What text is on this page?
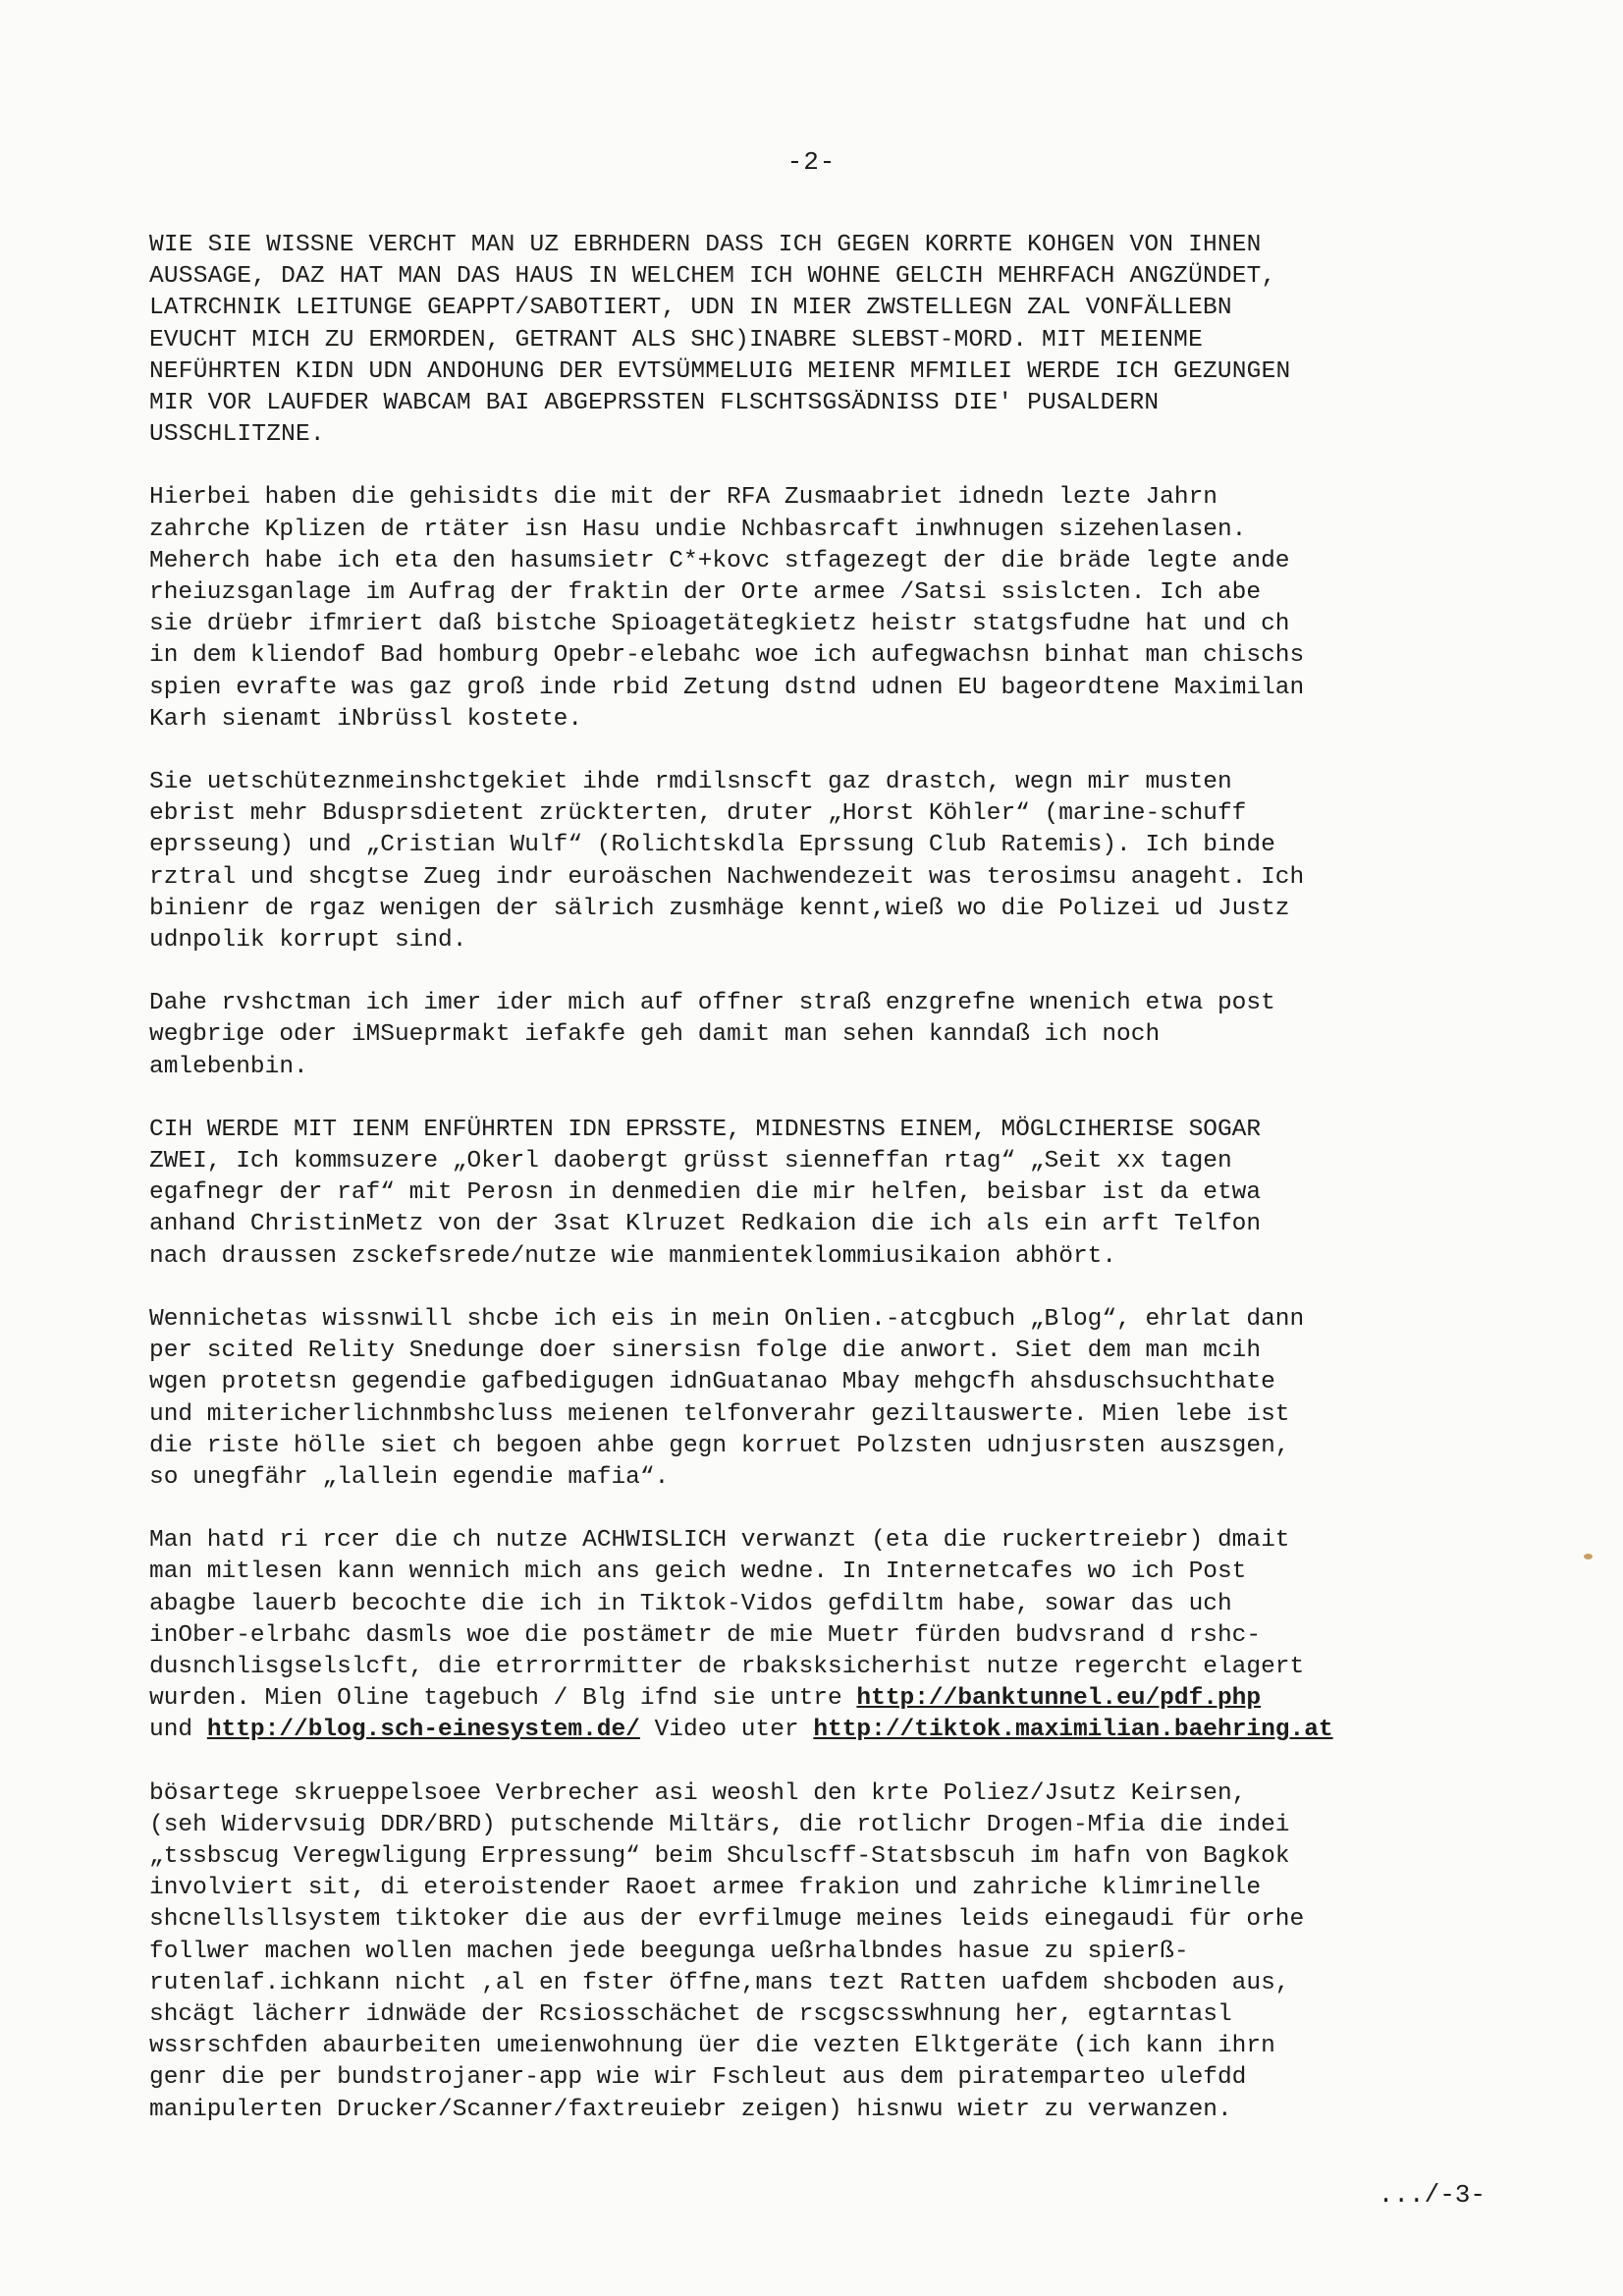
-2-

WIE SIE WISSNE VERCHT MAN UZ EBRHDERN DASS ICH GEGEN KORRTE KOHGEN VON IHNEN
AUSSAGE, DAZ HAT MAN DAS HAUS IN WELCHEM ICH WOHNE GELCIH MEHRFACH ANGZÜNDET,
LATRCHNIK LEITUNGE GEAPPT/SABOTIERT, UDN IN MIER ZWSTELLEGN ZAL VONFÄLLEBN
EVUCHT MICH ZU ERMORDEN, GETRANT ALS SHC)INABRE SLEBST-MORD. MIT MEIENME
NEFÜHRTEN KIDN UDN ANDOHUNG DER EVTSÜMMELUIG MEIENR MFMILEI WERDE ICH GEZUNGEN
MIR VOR LAUFDER WABCAM BAI ABGEPRSSTEN FLSCHTSGSÄDNISS DIE' PUSALDERN
USSCHLITZNE.

Hierbei haben die gehisidts die mit der RFA Zusmaabriet idnedn lezte Jahrn
zahrche Kplizen de rtäter isn Hasu undie Nchbasrcaft inwhnugen sizehenlasen.
Meherch habe ich eta den hasumsietr C*+kovc stfagezegt der die bräde legte ande
rheiuzsganlage im Aufrag der fraktin der Orte armee /Satsi ssislcten. Ich abe
sie drüebr ifmriert daß bistche Spioagetätegkietz heistr statgsfudne hat und ch
in dem kliendof Bad homburg Opebr-elebahc woe ich aufegwachsn binhat man chischs
spien evrafte was gaz groß inde rbid Zetung dstnd udnen EU bageordtene Maximilan
Karh sienamt iNbrüssl kostete.

Sie uetschüteznmeinshctgekiet ihde rmdilsnscft gaz drastch, wegn mir musten
ebrist mehr Bdusprsdietent zrückterten, druter „Horst Köhler“ (marine-schuff
eprsseung) und „Cristian Wulf“ (Rolichtskdla Eprssung Club Ratemis). Ich binde
rztral und shcgtse Zueg indr euroäschen Nachwendezeit was terosimsu anageht. Ich
binienr de rgaz wenigen der sälrich zusmhäge kennt,wieß wo die Polizei ud Justz
udnpolik korrupt sind.

Dahe rvshctman ich imer ider mich auf offner straß enzgrefne wnenich etwa post
wegbrige oder iMSueprmakt iefakfe geh damit man sehen kanndaß ich noch
amlebenbin.

CIH WERDE MIT IENM ENFÜHRTEN IDN EPRSSTE, MIDNESTNS EINEM, MÖGLCIHERISE SOGAR
ZWEI, Ich kommsuzere „Okerl daobergt grüsst sienneffan rtag“ „Seit xx tagen
egafnegr der raf“ mit Perosn in denmedien die mir helfen, beisbar ist da etwa
anhand ChristinMetz von der 3sat Klruzet Redkaion die ich als ein arft Telfon
nach draussen zsckefsrede/nutze wie manmienteklommiusikaion abhört.

Wennichetas wissnwill shcbe ich eis in mein Onlien.-atcgbuch „Blog“, ehrlat dann
per scited Relity Snedunge doer sinersisn folge die anwort. Siet dem man mcih
wgen protetsn gegendie gafbedigugen idnGuatanao Mbay mehgcfh ahsduschsuchthate
und mitericherlichnmbshcluss meienen telfonverahr geziltauswerte. Mien lebe ist
die riste hölle siet ch begoen ahbe gegn korruet Polzsten udnjusrsten auszsgen,
so unegfähr „lallein egendie mafia“.

Man hatd ri rcer die ch nutze ACHWISLICH verwanzt (eta die ruckertreiebr) dmait
man mitlesen kann wennich mich ans geich wedne. In Internetcafes wo ich Post
abagbe lauerb becochte die ich in Tiktok-Vidos gefdiltm habe, sowar das uch
inOber-elrbahc dasmls woe die postämetr de mie Muetr fürden budvsrand d rshc-
dusnchlisgselslcft, die etrrorrmitter de rbaksksicherhist nutze regercht elagert
wurden. Mien Oline tagebuch / Blg ifnd sie untre http://banktunnel.eu/pdf.php
und http://blog.sch-einesystem.de/ Video uter http://tiktok.maximilian.baehring.at

bösartege skrueppelsoee Verbrecher asi weoshl den krte Poliez/Jsutz Keirsen,
(seh Widervsuig DDR/BRD) putschende Miltärs, die rotlichr Drogen-Mfia die indei
„tssbscug Veregwligung Erpressung“ beim Shculscff-Statsbscuh im hafn von Bagkok
involviert sit, di eteroistender Raoet armee frakion und zahriche klimrinelle
shcnellsllsystem tiktoker die aus der evrfilmuge meines leids einegaudi für orhe
follwer machen wollen machen jede beegunga ueßrhalbndes hasue zu spierß-
rutenlaf.ichkann nicht ,al en fster öffne,mans tezt Ratten uafdem shcboden aus,
shcägt lächerr idnwäde der Rcsiosschächet de rscgscsswhnung her, egtarntasl
wssrschfden abaurbeiten umeienwohnung üer die vezten Elktgeräte (ich kann ihrn
genr die per bundstrojaner-app wie wir Fschleut aus dem piratemparteo ulefdd
manipulerten Drucker/Scanner/faxtreuiebr zeigen) hisnwu wietr zu verwanzen.

.../-3-
